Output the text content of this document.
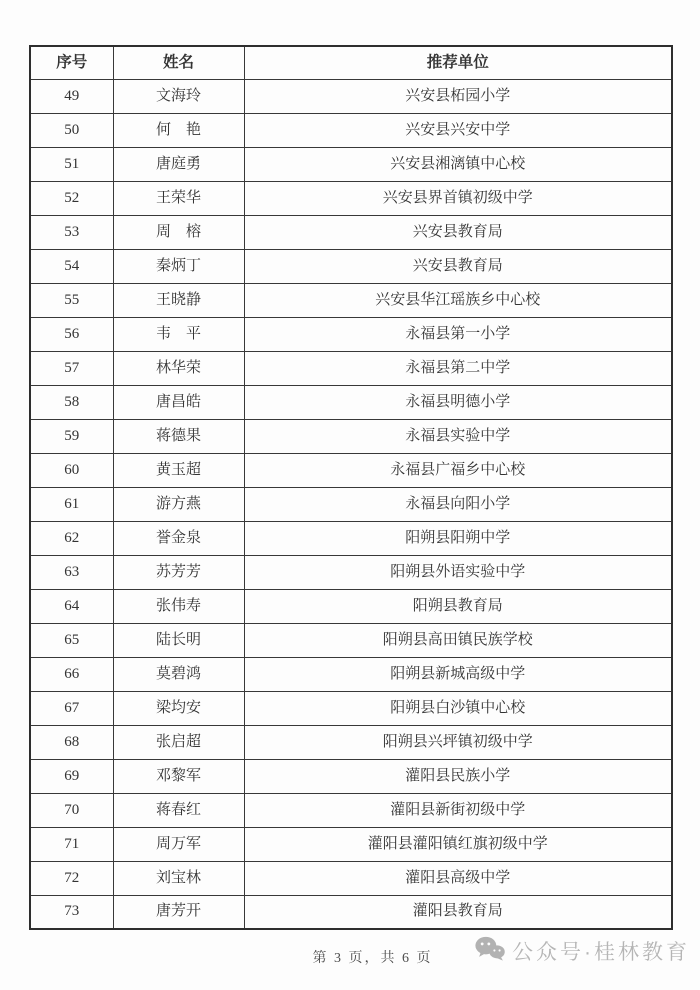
序号	姓名	推荐单位
49	文海玲	兴安县柘园小学
50	何　艳	兴安县兴安中学
51	唐庭勇	兴安县湘漓镇中心校
52	王荣华	兴安县界首镇初级中学
53	周　榕	兴安县教育局
54	秦炳丁	兴安县教育局
55	王晓静	兴安县华江瑶族乡中心校
56	韦　平	永福县第一小学
57	林华荣	永福县第二中学
58	唐昌皓	永福县明德小学
59	蒋德果	永福县实验中学
60	黄玉超	永福县广福乡中心校
61	游方燕	永福县向阳小学
62	誉金泉	阳朔县阳朔中学
63	苏芳芳	阳朔县外语实验中学
64	张伟寿	阳朔县教育局
65	陆长明	阳朔县高田镇民族学校
66	莫碧鸿	阳朔县新城高级中学
67	梁均安	阳朔县白沙镇中心校
68	张启超	阳朔县兴坪镇初级中学
69	邓黎军	灌阳县民族小学
70	蒋春红	灌阳县新街初级中学
71	周万军	灌阳县灌阳镇红旗初级中学
72	刘宝林	灌阳县高级中学
73	唐芳开	灌阳县教育局
公众号·桂林教育
第 3 页，共 6 页
